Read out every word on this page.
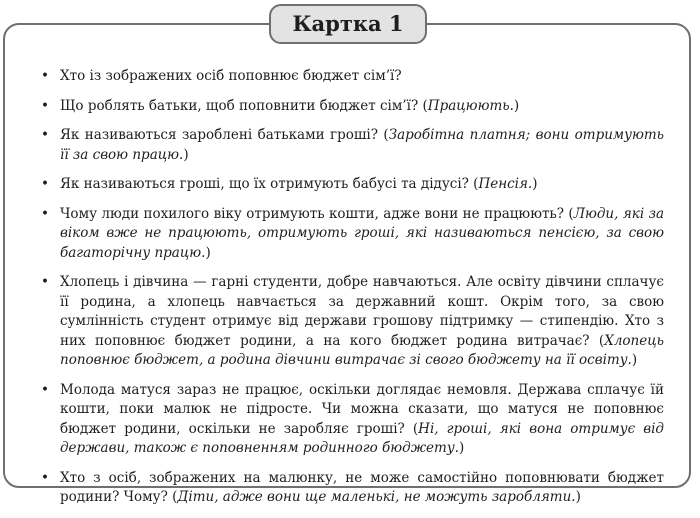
Картка 1
• Хто із зображених осіб поповнює бюджет сім’ї?
• Що роблять батьки, щоб поповнити бюджет сім’ї? (Працюють.)
• Як називаються зароблені батьками гроші? (Заробітна платня; вони отримують її за свою працю.)
• Як називаються гроші, що їх отримують бабусі та дідусі? (Пенсія.)
• Чому люди похилого віку отримують кошти, адже вони не працюють? (Люди, які за віком вже не працюють, отримують гроші, які називаються пенсією, за свою багаторічну працю.)
• Хлопець і дівчина — гарні студенти, добре навчаються. Але освіту дівчини сплачує її родина, а хлопець навчається за державний кошт. Окрім того, за свою сумлінність студент отримує від держави грошову підтримку — стипендію. Хто з них поповнює бюджет родини, а на кого бюджет родина витрачає? (Хлопець поповнює бюджет, а родина дівчини витрачає зі свого бюджету на її освіту.)
• Молода матуся зараз не працює, оскільки доглядає немовля. Держава сплачує їй кошти, поки малюк не підросте. Чи можна сказати, що матуся не поповнює бюджет родини, оскільки не заробляє гроші? (Ні, гроші, які вона отримує від держави, також є поповненням родинного бюджету.)
• Хто з осіб, зображених на малюнку, не може самостійно поповнювати бюджет родини? Чому? (Діти, адже вони ще маленькі, не можуть заробляти.)
